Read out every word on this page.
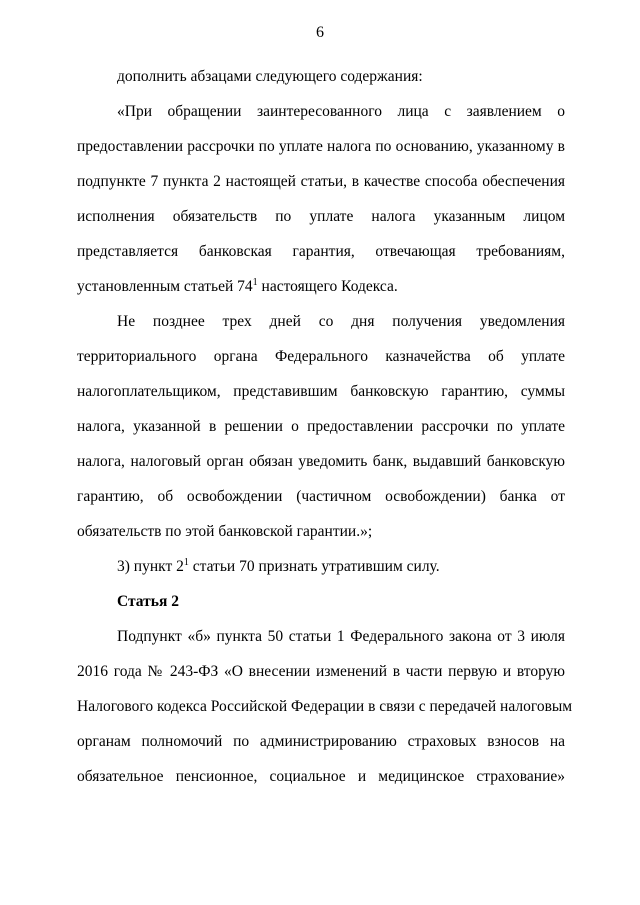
6
дополнить абзацами следующего содержания:
«При обращении заинтересованного лица с заявлением о
предоставлении рассрочки по уплате налога по основанию, указанному в
подпункте 7 пункта 2 настоящей статьи, в качестве способа обеспечения
исполнения обязательств по уплате налога указанным лицом
представляется банковская гарантия, отвечающая требованиям,
установленным статьей $74^1$ настоящего Кодекса.
Не позднее трех дней со дня получения уведомления
территориального органа Федерального казначейства об уплате
налогоплательщиком, представившим банковскую гарантию, суммы
налога, указанной в решении о предоставлении рассрочки по уплате
налога, налоговый орган обязан уведомить банк, выдавший банковскую
гарантию, об освобождении (частичном освобождении) банка от
обязательств по этой банковской гарантии.»;
3) пункт $2^1$ статьи 70 признать утратившим силу.
Статья 2
Подпункт «б» пункта 50 статьи 1 Федерального закона от 3 июля
2016 года № 243-ФЗ «О внесении изменений в части первую и вторую
Налогового кодекса Российской Федерации в связи с передачей налоговым
органам полномочий по администрированию страховых взносов на
обязательное пенсионное, социальное и медицинское страхование»
